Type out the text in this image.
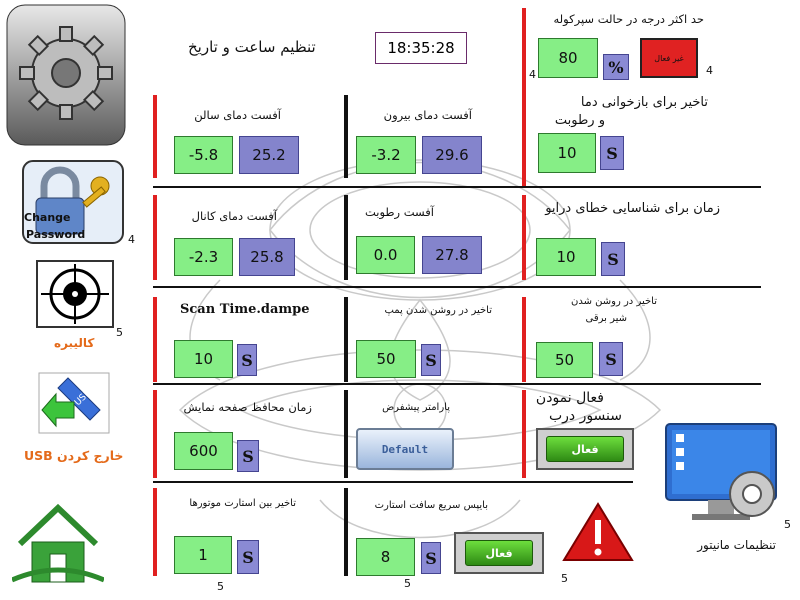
Change
Password	4
5
کالیبره
USB
خارج کردن USB
تنظیم ساعت و تاریخ	18:35:28
حد اکثر درجه در حالت سپرکوله
80	%	غیر فعال
4	4
تاخیر برای بازخوانی دما
و رطوبت
10	S
آفست دمای سالن
-5.8	25.2
آفست دمای بیرون
-3.2	29.6
زمان برای شناسایی خطای درایو
10	S
آفست دمای کانال
-2.3	25.8
آفست رطوبت
0.0	27.8
Scan Time.dampe
10	S
تاخیر در روشن شدن پمپ
50	S
تاخیر در روشن شدن
شیر برقی
50	S
زمان محافظ صفحه نمایش
600	S
پارامتر پیشفرض
Default
فعال نمودن
سنسور درب
فعال
تاخیر بین استارت موتورها
1	S
5
بایپس سریع سافت استارت
8	S	فعال
5	5
تنظیمات مانیتور
5
